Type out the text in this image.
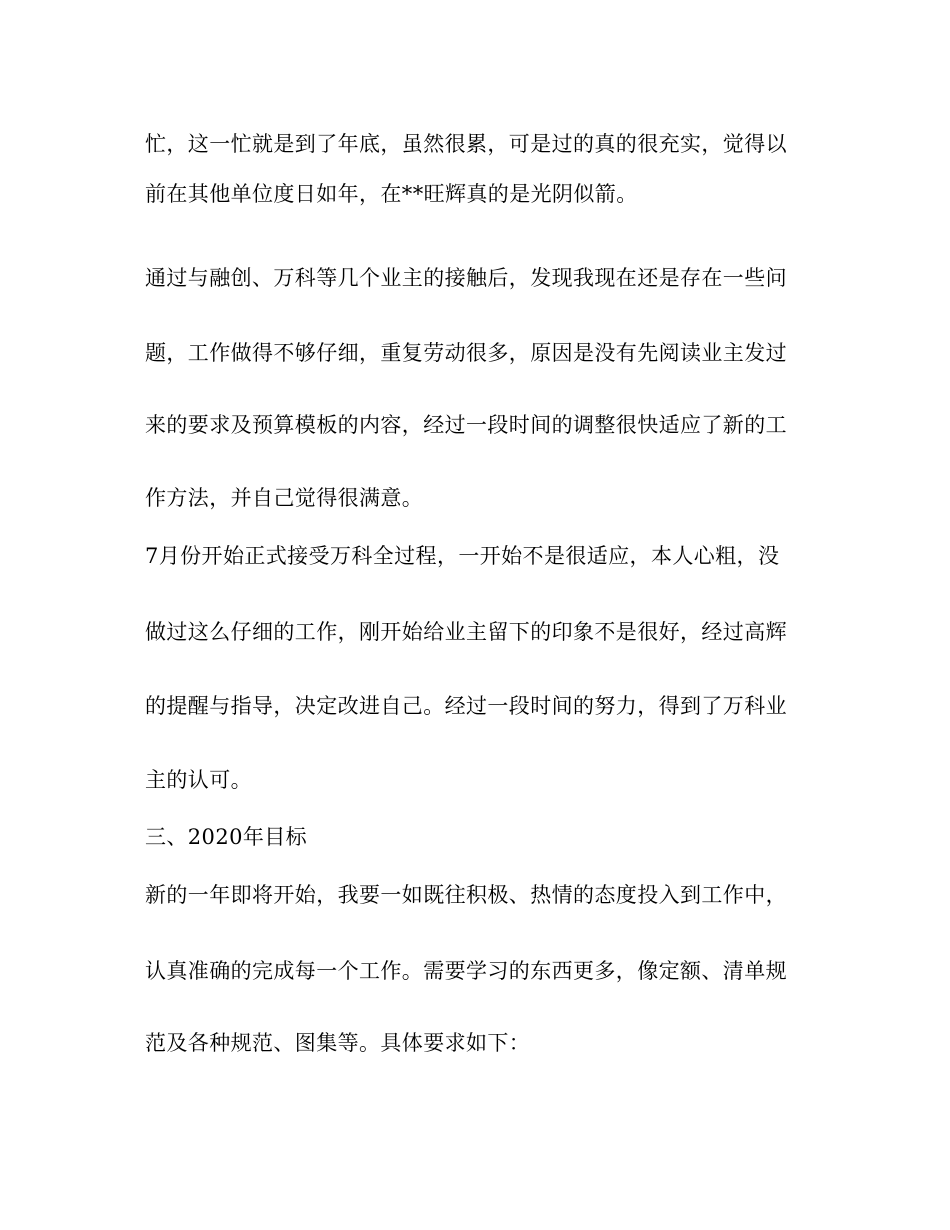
忙，这一忙就是到了年底，虽然很累，可是过的真的很充实，觉得以
前在其他单位度日如年，在**旺辉真的是光阴似箭。
通过与融创、万科等几个业主的接触后，发现我现在还是存在一些问
题，工作做得不够仔细，重复劳动很多，原因是没有先阅读业主发过
来的要求及预算模板的内容，经过一段时间的调整很快适应了新的工
作方法，并自己觉得很满意。
7月份开始正式接受万科全过程，一开始不是很适应，本人心粗，没
做过这么仔细的工作，刚开始给业主留下的印象不是很好，经过高辉
的提醒与指导，决定改进自己。经过一段时间的努力，得到了万科业
主的认可。
三、2020年目标
新的一年即将开始，我要一如既往积极、热情的态度投入到工作中，
认真准确的完成每一个工作。需要学习的东西更多，像定额、清单规
范及各种规范、图集等。具体要求如下：
